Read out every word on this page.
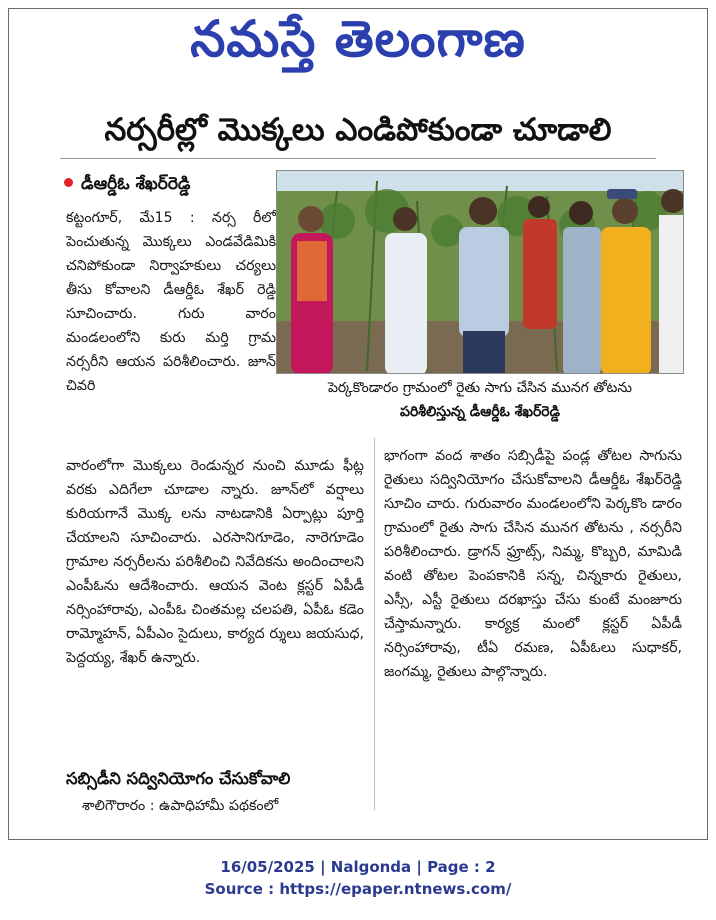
నమస్తే తెలంగాణ
నర్సరీల్లో మొక్కలు ఎండిపోకుండా చూడాలి
డీఆర్డీఓ శేఖర్‌రెడ్డి

కట్టంగూర్, మే15 : నర్స రీలో పెంచుతున్న మొక్కలు ఎండవేడిమికి చనిపోకుండా నిర్వాహకులు చర్యలు తీసు కోవాలని డీఆర్డీఓ శేఖర్ రెడ్డి సూచించారు. గురు వారం మండలంలోని కురు మర్తి గ్రామ నర్సరీని ఆయన పరిశీలించారు. జూన్ చివరి	పెర్కకొండారం గ్రామంలో రైతు సాగు చేసిన మునగ తోటను
పరిశీలిస్తున్న డీఆర్డీఓ శేఖర్‌రెడ్డి

వారంలోగా మొక్కలు రెండున్నర నుంచి మూడు ఫీట్ల వరకు ఎదిగేలా చూడాల న్నారు. జూన్‌లో వర్షాలు కురియగానే మొక్క లను నాటడానికి ఏర్పాట్లు పూర్తి చేయాలని సూచించారు. ఎరసానిగూడెం, నారెగూడెం గ్రామాల నర్సరీలను పరిశీలించి నివేదికను అందించాలని ఎంపీఓను ఆదేశించారు. ఆయన వెంట క్లస్టర్ ఏపీడీ నర్సింహారావు, ఎంపీఓ చింతమల్ల చలపతి, ఏపీఓ కడెం రామ్మోహన్, ఏపీఎం సైదులు, కార్యద ర్శులు జయసుధ, పెద్దయ్య, శేఖర్ ఉన్నారు.

భాగంగా వంద శాతం సబ్సిడీపై పండ్ల తోటల సాగును రైతులు సద్వినియోగం చేసుకోవాలని డీఆర్డీఓ శేఖర్‌రెడ్డి సూచిం చారు. గురువారం మండలంలోని పెర్కకొం డారం గ్రామంలో రైతు సాగు చేసిన మునగ తోటను , నర్సరీని పరిశీలించారు. డ్రాగన్ ఫ్రూట్స్, నిమ్మ, కొబ్బరి, మామిడి వంటి తోటల పెంపకానికి సన్న, చిన్నకారు రైతులు, ఎస్సీ, ఎస్టీ రైతులు దరఖాస్తు చేసు కుంటే మంజూరు చేస్తామన్నారు. కార్యక్ర మంలో క్లస్టర్ ఏపీడీ నర్సింహారావు, టీఏ రమణ, ఏపీఓలు సుధాకర్, జంగమ్మ, రైతులు పాల్గొన్నారు.

సబ్సిడీని సద్వినియోగం చేసుకోవాలి

శాలిగౌరారం : ఉపాధిహామీ పథకంలో

16/05/2025 | Nalgonda | Page : 2
Source : https://epaper.ntnews.com/
